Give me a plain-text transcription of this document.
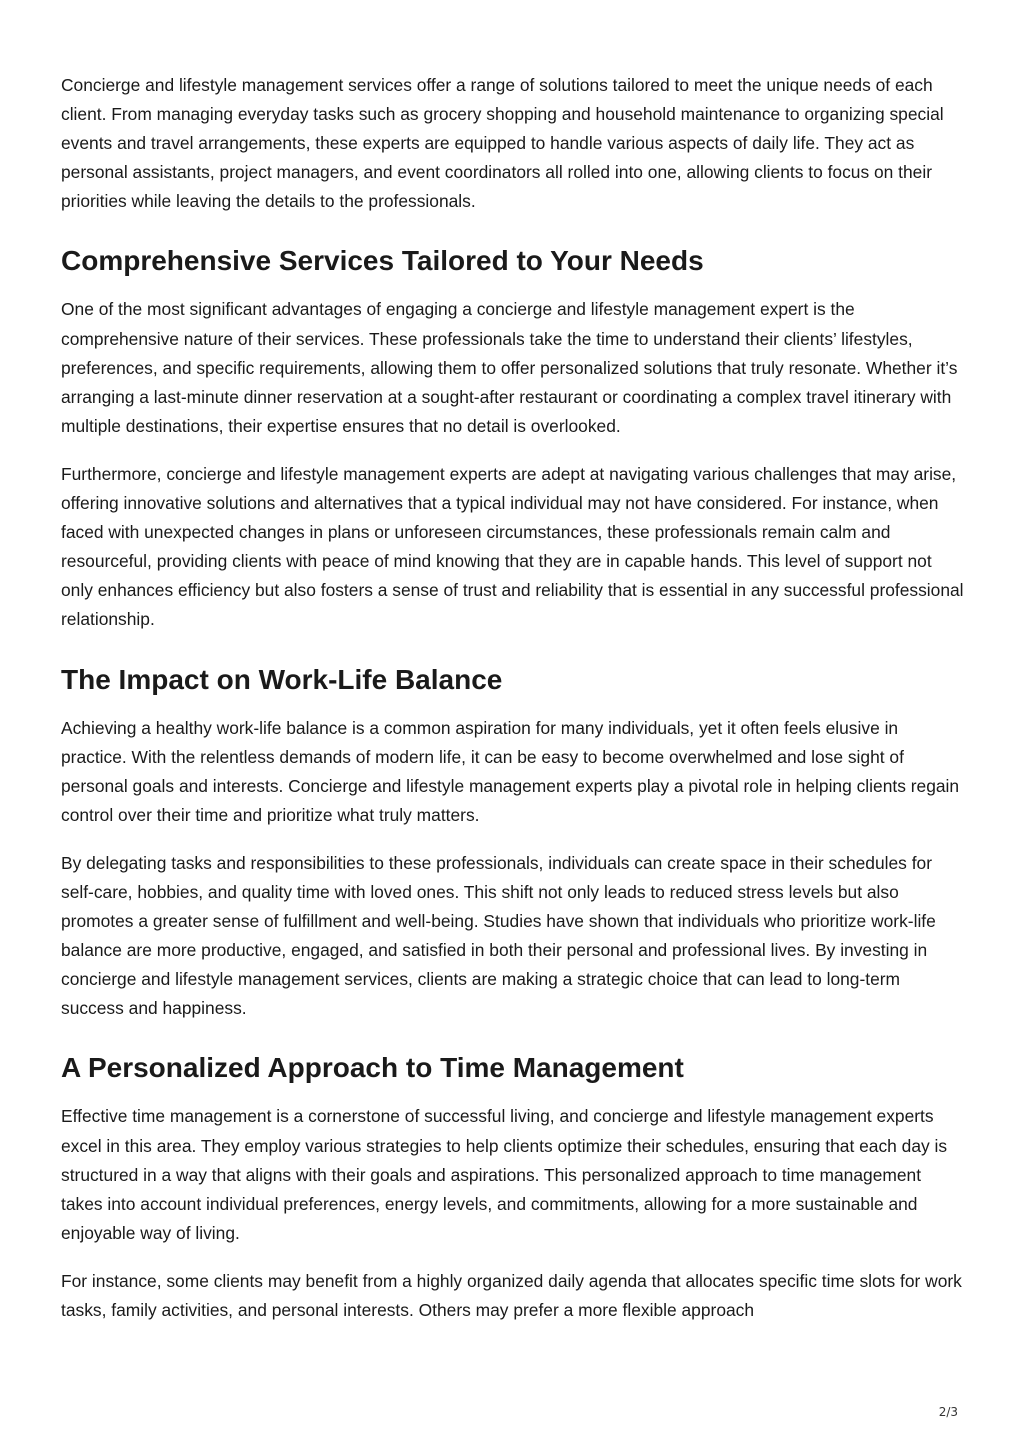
Concierge and lifestyle management services offer a range of solutions tailored to meet the unique needs of each client. From managing everyday tasks such as grocery shopping and household maintenance to organizing special events and travel arrangements, these experts are equipped to handle various aspects of daily life. They act as personal assistants, project managers, and event coordinators all rolled into one, allowing clients to focus on their priorities while leaving the details to the professionals.

Comprehensive Services Tailored to Your Needs

One of the most significant advantages of engaging a concierge and lifestyle management expert is the comprehensive nature of their services. These professionals take the time to understand their clients’ lifestyles, preferences, and specific requirements, allowing them to offer personalized solutions that truly resonate. Whether it’s arranging a last-minute dinner reservation at a sought-after restaurant or coordinating a complex travel itinerary with multiple destinations, their expertise ensures that no detail is overlooked.

Furthermore, concierge and lifestyle management experts are adept at navigating various challenges that may arise, offering innovative solutions and alternatives that a typical individual may not have considered. For instance, when faced with unexpected changes in plans or unforeseen circumstances, these professionals remain calm and resourceful, providing clients with peace of mind knowing that they are in capable hands. This level of support not only enhances efficiency but also fosters a sense of trust and reliability that is essential in any successful professional relationship.

The Impact on Work-Life Balance

Achieving a healthy work-life balance is a common aspiration for many individuals, yet it often feels elusive in practice. With the relentless demands of modern life, it can be easy to become overwhelmed and lose sight of personal goals and interests. Concierge and lifestyle management experts play a pivotal role in helping clients regain control over their time and prioritize what truly matters.

By delegating tasks and responsibilities to these professionals, individuals can create space in their schedules for self-care, hobbies, and quality time with loved ones. This shift not only leads to reduced stress levels but also promotes a greater sense of fulfillment and well-being. Studies have shown that individuals who prioritize work-life balance are more productive, engaged, and satisfied in both their personal and professional lives. By investing in concierge and lifestyle management services, clients are making a strategic choice that can lead to long-term success and happiness.

A Personalized Approach to Time Management

Effective time management is a cornerstone of successful living, and concierge and lifestyle management experts excel in this area. They employ various strategies to help clients optimize their schedules, ensuring that each day is structured in a way that aligns with their goals and aspirations. This personalized approach to time management takes into account individual preferences, energy levels, and commitments, allowing for a more sustainable and enjoyable way of living.

For instance, some clients may benefit from a highly organized daily agenda that allocates specific time slots for work tasks, family activities, and personal interests. Others may prefer a more flexible approach

2/3
